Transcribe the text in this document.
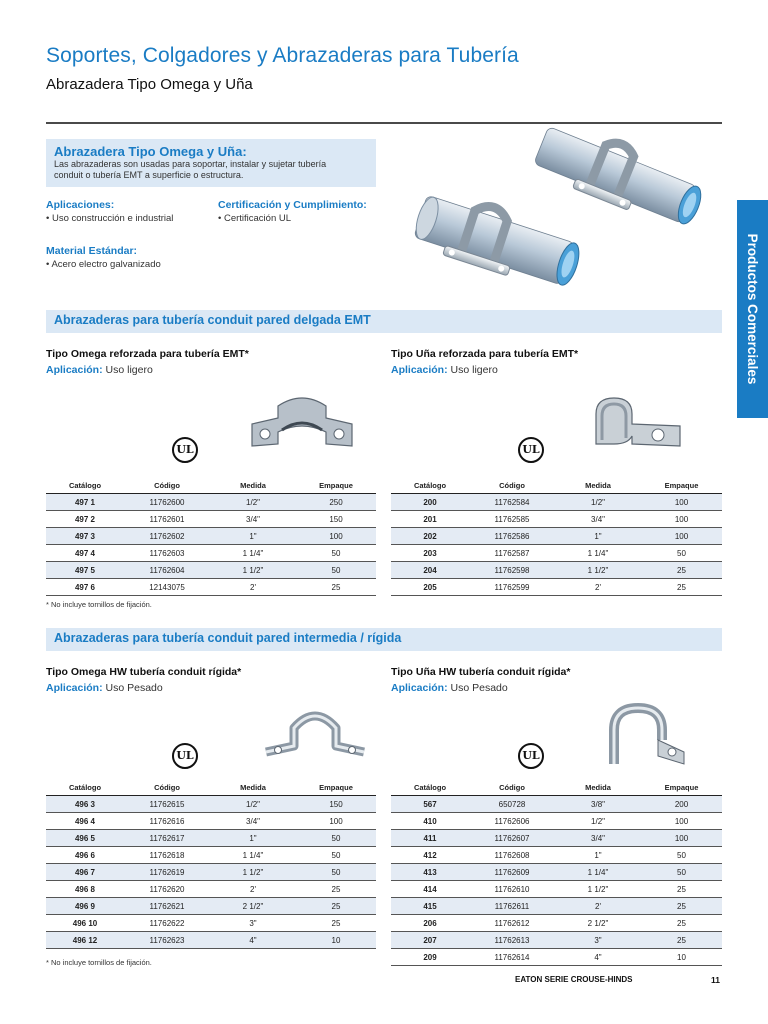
Soportes, Colgadores y Abrazaderas para Tubería
Abrazadera Tipo Omega y Uña
Abrazadera Tipo Omega y Uña:
Las abrazaderas son usadas para soportar, instalar y sujetar tubería
conduit o tubería EMT a superficie o estructura.
Aplicaciones:
• Uso construcción e industrial
Certificación y Cumplimiento:
• Certificación UL
Material Estándar:
• Acero electro galvanizado	Productos Comerciales
Abrazaderas para tubería conduit pared delgada EMT
Tipo Omega reforzada para tubería EMT*
Aplicación: Uso ligero
Tipo Uña reforzada para tubería EMT*
Aplicación: Uso ligero
UL	UL
Catálogo	Código	Medida	Empaque
497 1	11762600	1/2"	250
497 2	11762601	3/4"	150
497 3	11762602	1"	100
497 4	11762603	1 1/4"	50
497 5	11762604	1 1/2"	50
497 6	12143075	2'	25
* No incluye tornillos de fijación.
Catálogo	Código	Medida	Empaque
200	11762584	1/2"	100
201	11762585	3/4"	100
202	11762586	1"	100
203	11762587	1 1/4"	50
204	11762598	1 1/2"	25
205	11762599	2'	25
Abrazaderas para tubería conduit pared intermedia / rígida
Tipo Omega HW tubería conduit rígida*
Aplicación: Uso Pesado
Tipo Uña HW tubería conduit rígida*
Aplicación: Uso Pesado
UL	UL
Catálogo	Código	Medida	Empaque
496 3	11762615	1/2"	150
496 4	11762616	3/4"	100
496 5	11762617	1"	50
496 6	11762618	1 1/4"	50
496 7	11762619	1 1/2"	50
496 8	11762620	2'	25
496 9	11762621	2 1/2"	25
496 10	11762622	3"	25
496 12	11762623	4"	10
* No incluye tornillos de fijación.
Catálogo	Código	Medida	Empaque
567	650728	3/8"	200
410	11762606	1/2"	100
411	11762607	3/4"	100
412	11762608	1"	50
413	11762609	1 1/4"	50
414	11762610	1 1/2"	25
415	11762611	2'	25
206	11762612	2 1/2"	25
207	11762613	3"	25
209	11762614	4"	10
EATON SERIE CROUSE-HINDS	11
